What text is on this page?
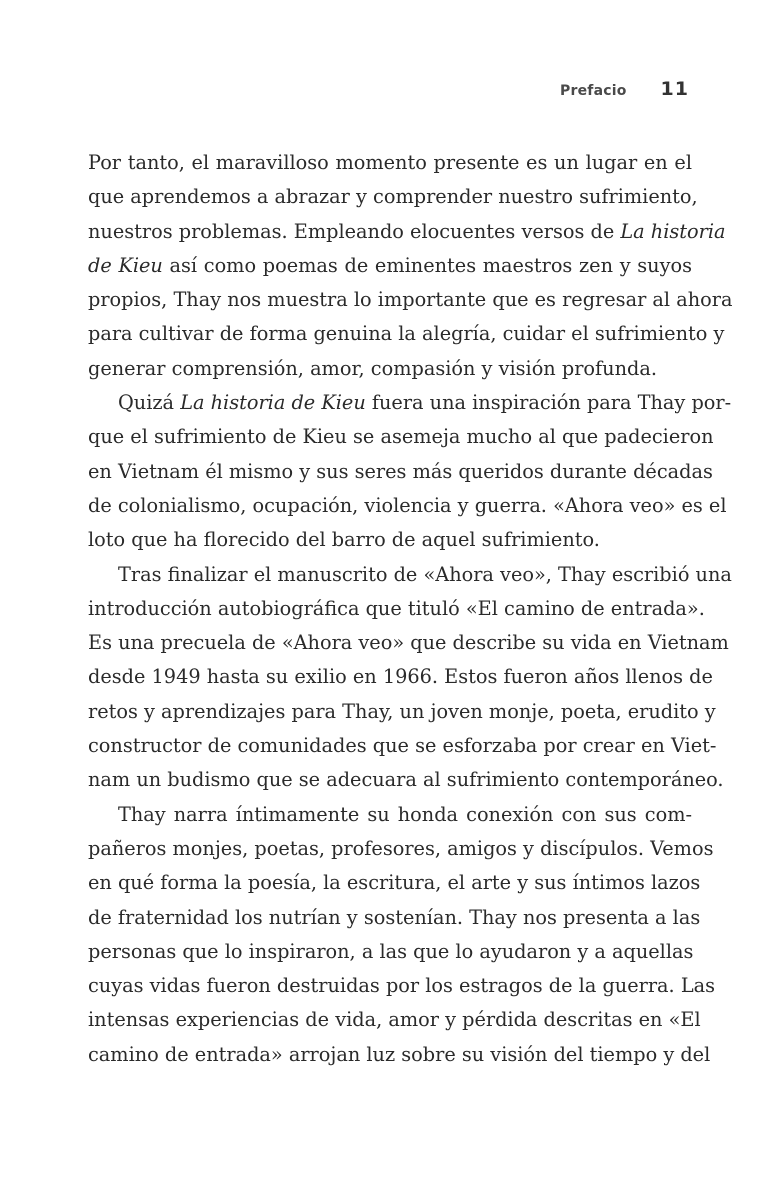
Prefacio 11
Por tanto, el maravilloso momento presente es un lugar en el
que aprendemos a abrazar y comprender nuestro sufrimiento,
nuestros problemas. Empleando elocuentes versos de La historia
de Kieu así como poemas de eminentes maestros zen y suyos
propios, Thay nos muestra lo importante que es regresar al ahora
para cultivar de forma genuina la alegría, cuidar el sufrimiento y
generar comprensión, amor, compasión y visión profunda.
Quizá La historia de Kieu fuera una inspiración para Thay por-
que el sufrimiento de Kieu se asemeja mucho al que padecieron
en Vietnam él mismo y sus seres más queridos durante décadas
de colonialismo, ocupación, violencia y guerra. «Ahora veo» es el
loto que ha florecido del barro de aquel sufrimiento.
Tras finalizar el manuscrito de «Ahora veo», Thay escribió una
introducción autobiográfica que tituló «El camino de entrada».
Es una precuela de «Ahora veo» que describe su vida en Vietnam
desde 1949 hasta su exilio en 1966. Estos fueron años llenos de
retos y aprendizajes para Thay, un joven monje, poeta, erudito y
constructor de comunidades que se esforzaba por crear en Viet-
nam un budismo que se adecuara al sufrimiento contemporáneo.
Thay narra íntimamente su honda conexión con sus com-
pañeros monjes, poetas, profesores, amigos y discípulos. Vemos
en qué forma la poesía, la escritura, el arte y sus íntimos lazos
de fraternidad los nutrían y sostenían. Thay nos presenta a las
personas que lo inspiraron, a las que lo ayudaron y a aquellas
cuyas vidas fueron destruidas por los estragos de la guerra. Las
intensas experiencias de vida, amor y pérdida descritas en «El
camino de entrada» arrojan luz sobre su visión del tiempo y del
